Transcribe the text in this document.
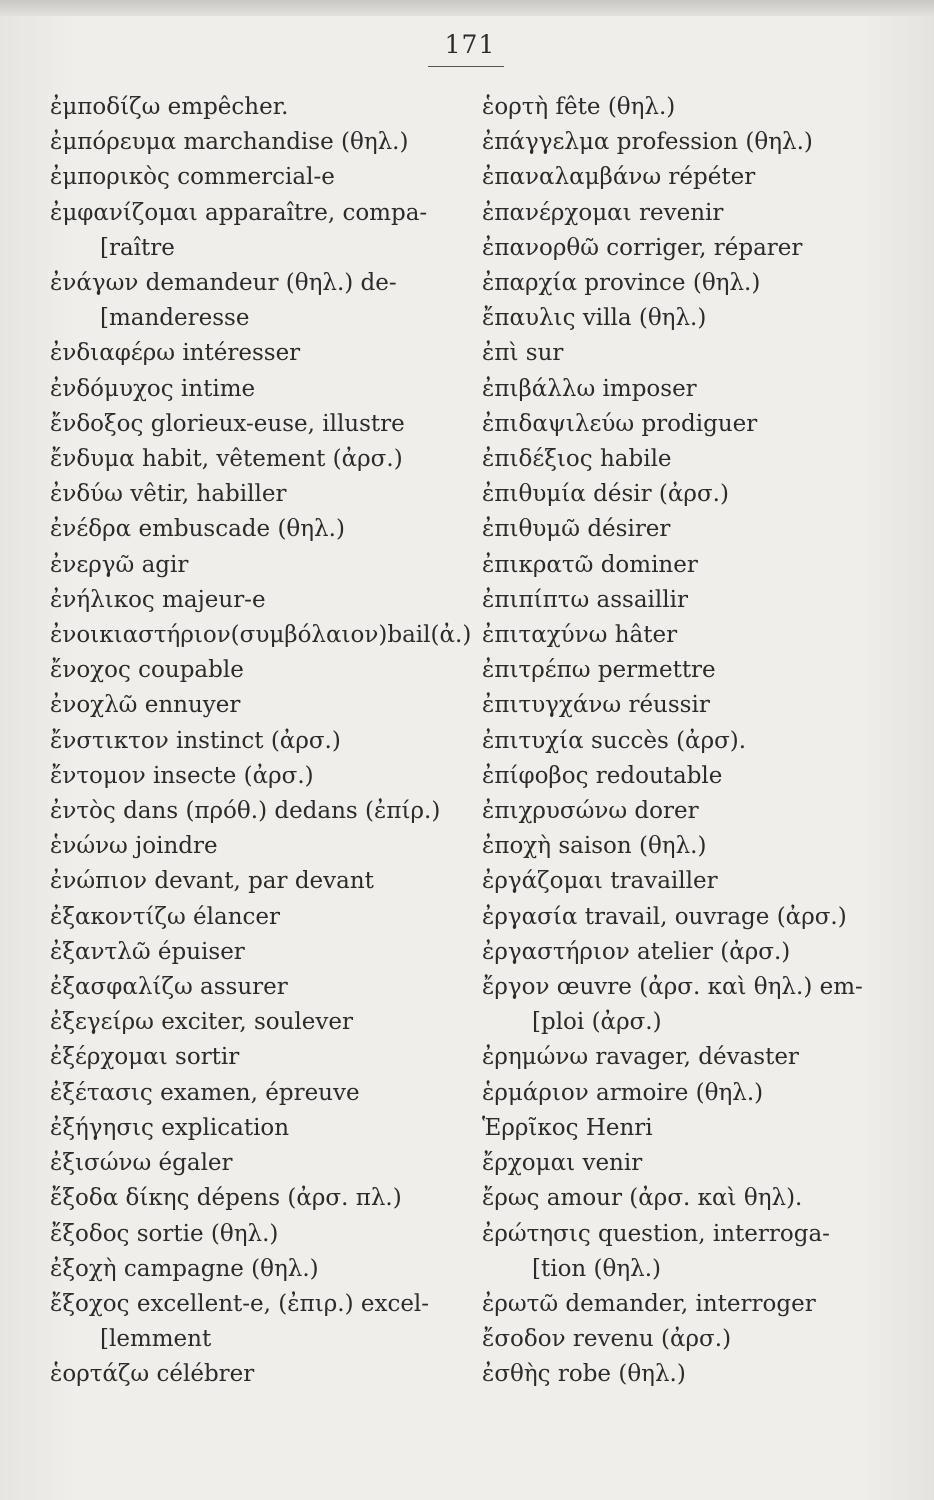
171
ἐμποδίζω empêcher.
ἐμπόρευμα marchandise (θηλ.)
ἐμπορικὸς commercial-e
ἐμφανίζομαι apparaître, compa-
[raître
ἐνάγων demandeur (θηλ.) de-
[manderesse
ἐνδιαφέρω intéresser
ἐνδόμυχος intime
ἔνδοξος glorieux-euse, illustre
ἔνδυμα habit, vêtement (ἀρσ.)
ἐνδύω vêtir, habiller
ἐνέδρα embuscade (θηλ.)
ἐνεργῶ agir
ἐνήλικος majeur-e
ἐνοικιαστήριον(συμβόλαιον)bail(ἀ.)
ἔνοχος coupable
ἐνοχλῶ ennuyer
ἔνστικτον instinct (ἀρσ.)
ἔντομον insecte (ἀρσ.)
ἐντὸς dans (πρόθ.) dedans (ἐπίρ.)
ἑνώνω joindre
ἐνώπιον devant, par devant
ἐξακοντίζω élancer
ἐξαντλῶ épuiser
ἐξασφαλίζω assurer
ἐξεγείρω exciter, soulever
ἐξέρχομαι sortir
ἐξέτασις examen, épreuve
ἐξήγησις explication
ἐξισώνω égaler
ἔξοδα δίκης dépens (ἀρσ. πλ.)
ἔξοδος sortie (θηλ.)
ἐξοχὴ campagne (θηλ.)
ἔξοχος excellent-e, (ἐπιρ.) excel-
[lemment
ἑορτάζω célébrer
ἑορτὴ fête (θηλ.)
ἐπάγγελμα profession (θηλ.)
ἐπαναλαμβάνω répéter
ἐπανέρχομαι revenir
ἐπανορθῶ corriger, réparer
ἐπαρχία province (θηλ.)
ἔπαυλις villa (θηλ.)
ἐπὶ sur
ἐπιβάλλω imposer
ἐπιδαψιλεύω prodiguer
ἐπιδέξιος habile
ἐπιθυμία désir (ἀρσ.)
ἐπιθυμῶ désirer
ἐπικρατῶ dominer
ἐπιπίπτω assaillir
ἐπιταχύνω hâter
ἐπιτρέπω permettre
ἐπιτυγχάνω réussir
ἐπιτυχία succès (ἀρσ).
ἐπίφοβος redoutable
ἐπιχρυσώνω dorer
ἐποχὴ saison (θηλ.)
ἐργάζομαι travailler
ἐργασία travail, ouvrage (ἀρσ.)
ἐργαστήριον atelier (ἀρσ.)
ἔργον œuvre (ἀρσ. καὶ θηλ.) em-
[ploi (ἀρσ.)
ἐρημώνω ravager, dévaster
ἑρμάριον armoire (θηλ.)
Ἑρρῖκος Henri
ἔρχομαι venir
ἔρως amour (ἀρσ. καὶ θηλ).
ἐρώτησις question, interroga-
[tion (θηλ.)
ἐρωτῶ demander, interroger
ἔσοδον revenu (ἀρσ.)
ἐσθὴς robe (θηλ.)
